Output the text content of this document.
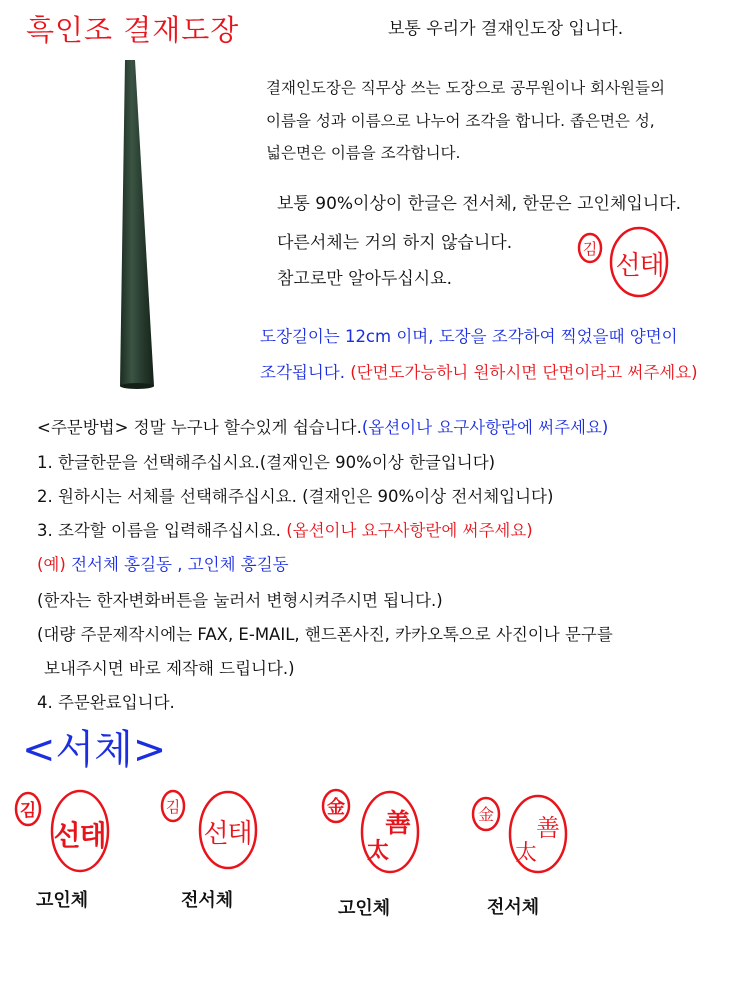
흑인조 결재도장	보통 우리가 결재인도장 입니다.
결재인도장은 직무상 쓰는 도장으로 공무원이나 회사원들의
이름을 성과 이름으로 나누어 조각을 합니다. 좁은면은 성,
넓은면은 이름을 조각합니다.
보통 90%이상이 한글은 전서체, 한문은 고인체입니다.
다른서체는 거의 하지 않습니다.
참고로만 알아두십시요.
김
선
태
도장길이는 12cm 이며, 도장을 조각하여 찍었을때 양면이
조각됩니다. (단면도가능하니 원하시면 단면이라고 써주세요)
<주문방법> 정말 누구나 할수있게 쉽습니다.(옵션이나 요구사항란에 써주세요)
1. 한글한문을 선택해주십시요.(결재인은 90%이상 한글입니다)
2. 원하시는 서체를 선택해주십시요. (결재인은 90%이상 전서체입니다)
3. 조각할 이름을 입력해주십시요. (옵션이나 요구사항란에 써주세요)
(예) 전서체 홍길동 , 고인체 홍길동
(한자는 한자변화버튼을 눌러서 변형시켜주시면 됩니다.)
(대량 주문제작시에는 FAX, E-MAIL, 핸드폰사진, 카카오톡으로 사진이나 문구를
보내주시면 바로 제작해 드립니다.)
4. 주문완료입니다.
<서체>
김
선
태
고인체
김
선
태
전서체
金
善
太
고인체
金 善
太
전서체
